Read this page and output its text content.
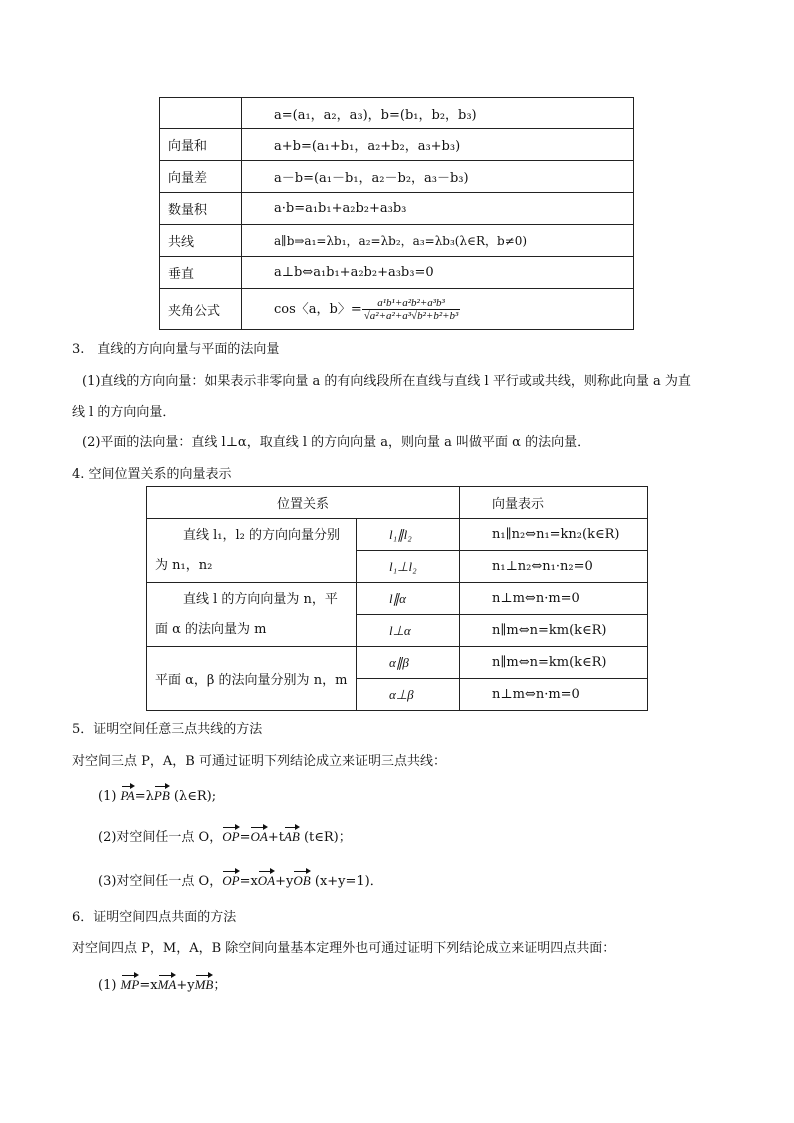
	a=(a₁，a₂，a₃)，b=(b₁，b₂，b₃)
向量和	a+b=(a₁+b₁，a₂+b₂，a₃+b₃)
向量差	a－b=(a₁－b₁，a₂－b₂，a₃－b₃)
数量积	a·b=a₁b₁+a₂b₂+a₃b₃
共线	a∥b⇒a₁=λb₁，a₂=λb₂，a₃=λb₃(λ∈R，b≠0)
垂直	a⊥b⇔a₁b₁+a₂b₂+a₃b₃=0
夹角公式	cos〈a，b〉= $\frac{\text{a¹b¹+a²b²+a³b³}}{\text{√a²+a²+a³√b²+b²+b³}}$
3.　直线的方向向量与平面的法向量
(1)直线的方向向量：如果表示非零向量 a 的有向线段所在直线与直线 l 平行或或共线，则称此向量 a 为直
线 l 的方向向量．
(2)平面的法向量：直线 l⊥α，取直线 l 的方向向量 a，则向量 a 叫做平面 α 的法向量．
4. 空间位置关系的向量表示
位置关系		向量表示

直线 l₁，l₂ 的方向向量分别
为 n₁，n₂	l₁∥l₂	n₁∥n₂⇔n₁=kn₂(k∈R)
	l₁⊥l₂	n₁⊥n₂⇔n₁·n₂=0

直线 l 的方向向量为 n，平
面 α 的法向量为 m	l∥α	n⊥m⇔n·m=0
	l⊥α	n∥m⇔n=km(k∈R)
平面 α，β 的法向量分别为 n，m	α∥β	n∥m⇔n=km(k∈R)
	α⊥β	n⊥m⇔n·m=0
5．证明空间任意三点共线的方法
对空间三点 P，A，B 可通过证明下列结论成立来证明三点共线：
(1) PA=λPB (λ∈R);
(2)对空间任一点 O，OP=OA+tAB (t∈R)；
(3)对空间任一点 O，OP=xOA+yOB (x+y=1)．
6．证明空间四点共面的方法
对空间四点 P，M，A，B 除空间向量基本定理外也可通过证明下列结论成立来证明四点共面：
(1) MP=xMA+yMB；
